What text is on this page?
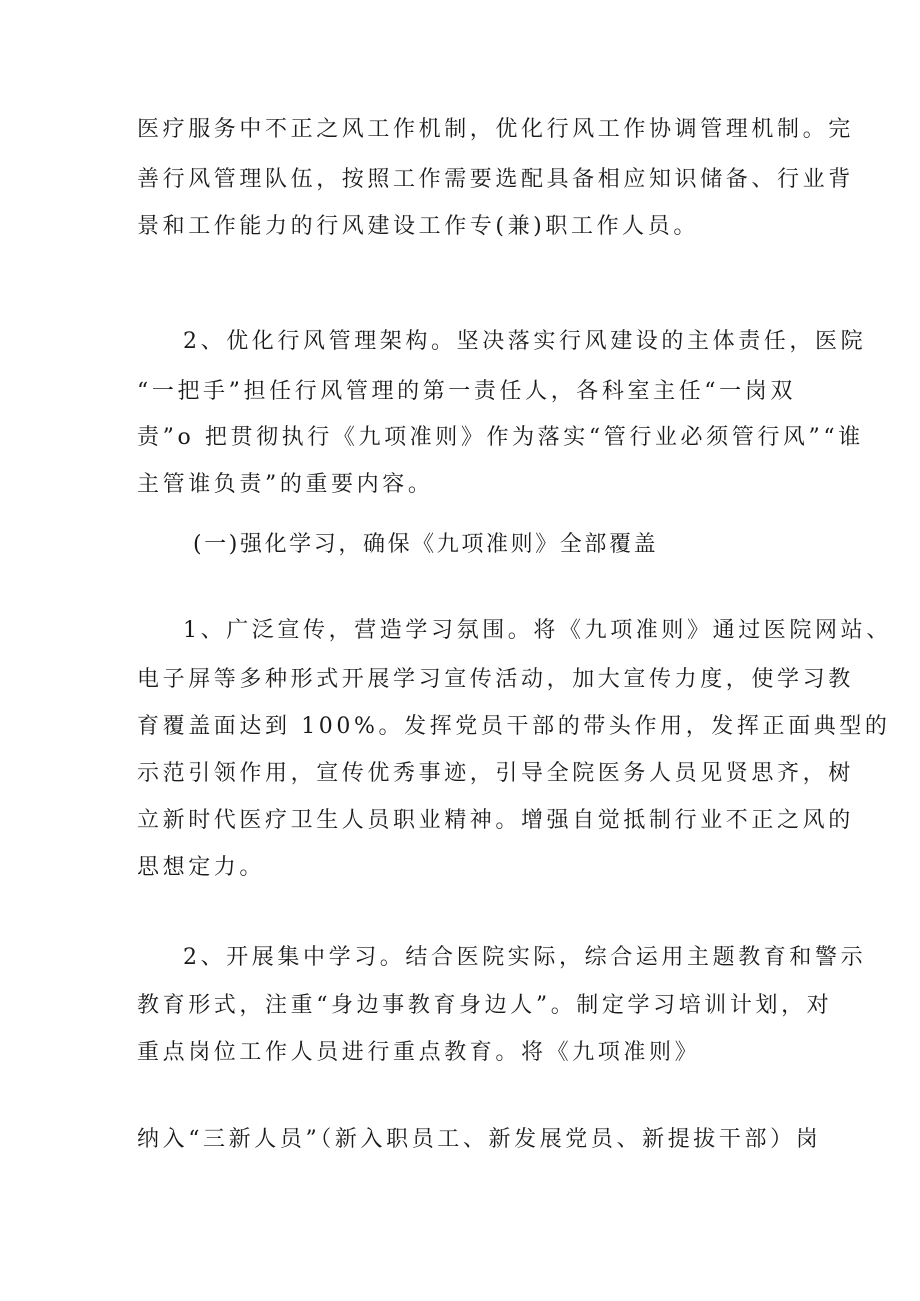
医疗服务中不正之风工作机制，优化行风工作协调管理机制。完
善行风管理队伍，按照工作需要选配具备相应知识储备、行业背
景和工作能力的行风建设工作专(兼)职工作人员。
2、优化行风管理架构。坚决落实行风建设的主体责任，医院
“一把手”担任行风管理的第一责任人，各科室主任“一岗双
责”o 把贯彻执行《九项准则》作为落实“管行业必须管行风”“谁
主管谁负责”的重要内容。
(一)强化学习，确保《九项准则》全部覆盖
1、广泛宣传，营造学习氛围。将《九项准则》通过医院网站、
电子屏等多种形式开展学习宣传活动，加大宣传力度，使学习教
育覆盖面达到 100%。发挥党员干部的带头作用，发挥正面典型的
示范引领作用，宣传优秀事迹，引导全院医务人员见贤思齐，树
立新时代医疗卫生人员职业精神。增强自觉抵制行业不正之风的
思想定力。
2、开展集中学习。结合医院实际，综合运用主题教育和警示
教育形式，注重“身边事教育身边人”。制定学习培训计划，对
重点岗位工作人员进行重点教育。将《九项准则》
纳入“三新人员”（新入职员工、新发展党员、新提拔干部）岗
